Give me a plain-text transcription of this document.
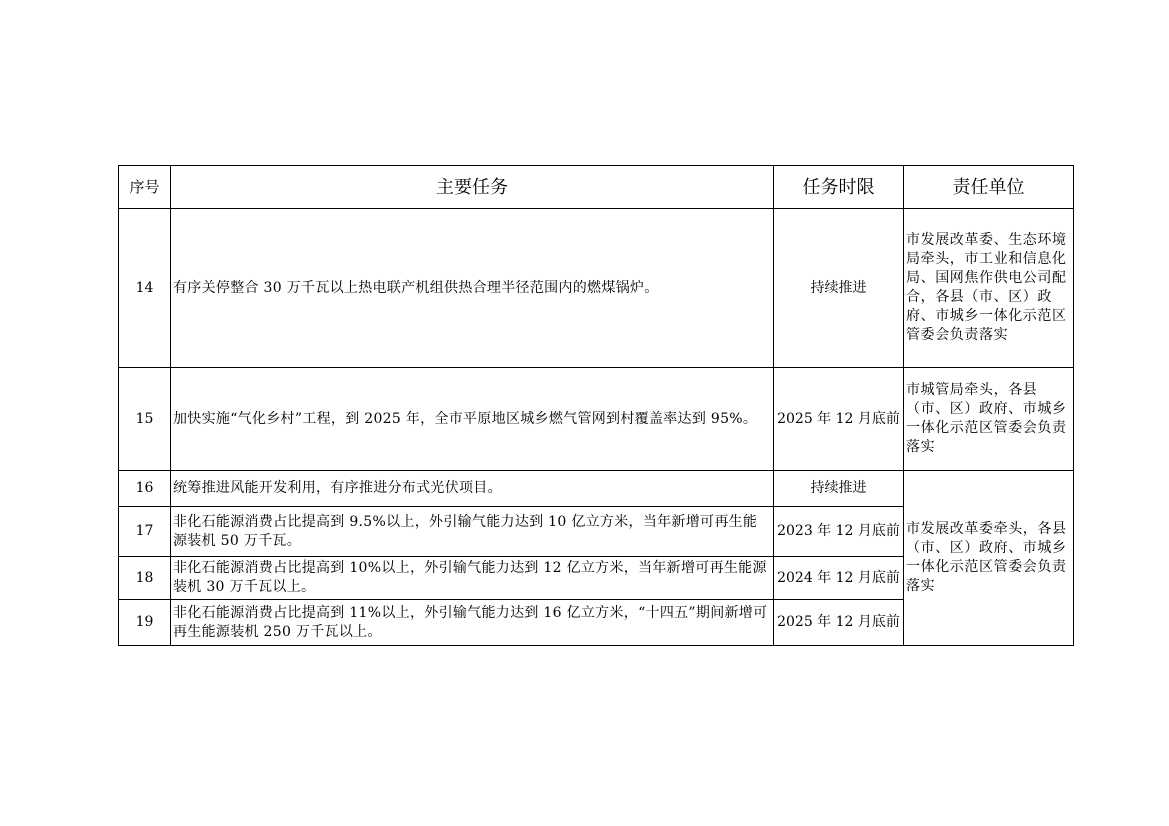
序号	主要任务	任务时限	责任单位
14	有序关停整合 30 万千瓦以上热电联产机组供热合理半径范围内的燃煤锅炉。	持续推进	市发展改革委、生态环境局牵头，市工业和信息化局、国网焦作供电公司配合，各县（市、区）政府、市城乡一体化示范区管委会负责落实
15	加快实施“气化乡村”工程，到 2025 年，全市平原地区城乡燃气管网到村覆盖率达到 95%。	2025 年 12 月底前	市城管局牵头，各县（市、区）政府、市城乡一体化示范区管委会负责落实
16	统筹推进风能开发利用，有序推进分布式光伏项目。	持续推进	市发展改革委牵头，各县（市、区）政府、市城乡一体化示范区管委会负责落实
17	非化石能源消费占比提高到 9.5%以上，外引输气能力达到 10 亿立方米，当年新增可再生能源装机 50 万千瓦。	2023 年 12 月底前	
18	非化石能源消费占比提高到 10%以上，外引输气能力达到 12 亿立方米，当年新增可再生能源装机 30 万千瓦以上。	2024 年 12 月底前	
19	非化石能源消费占比提高到 11%以上，外引输气能力达到 16 亿立方米，“十四五”期间新增可再生能源装机 250 万千瓦以上。	2025 年 12 月底前	
